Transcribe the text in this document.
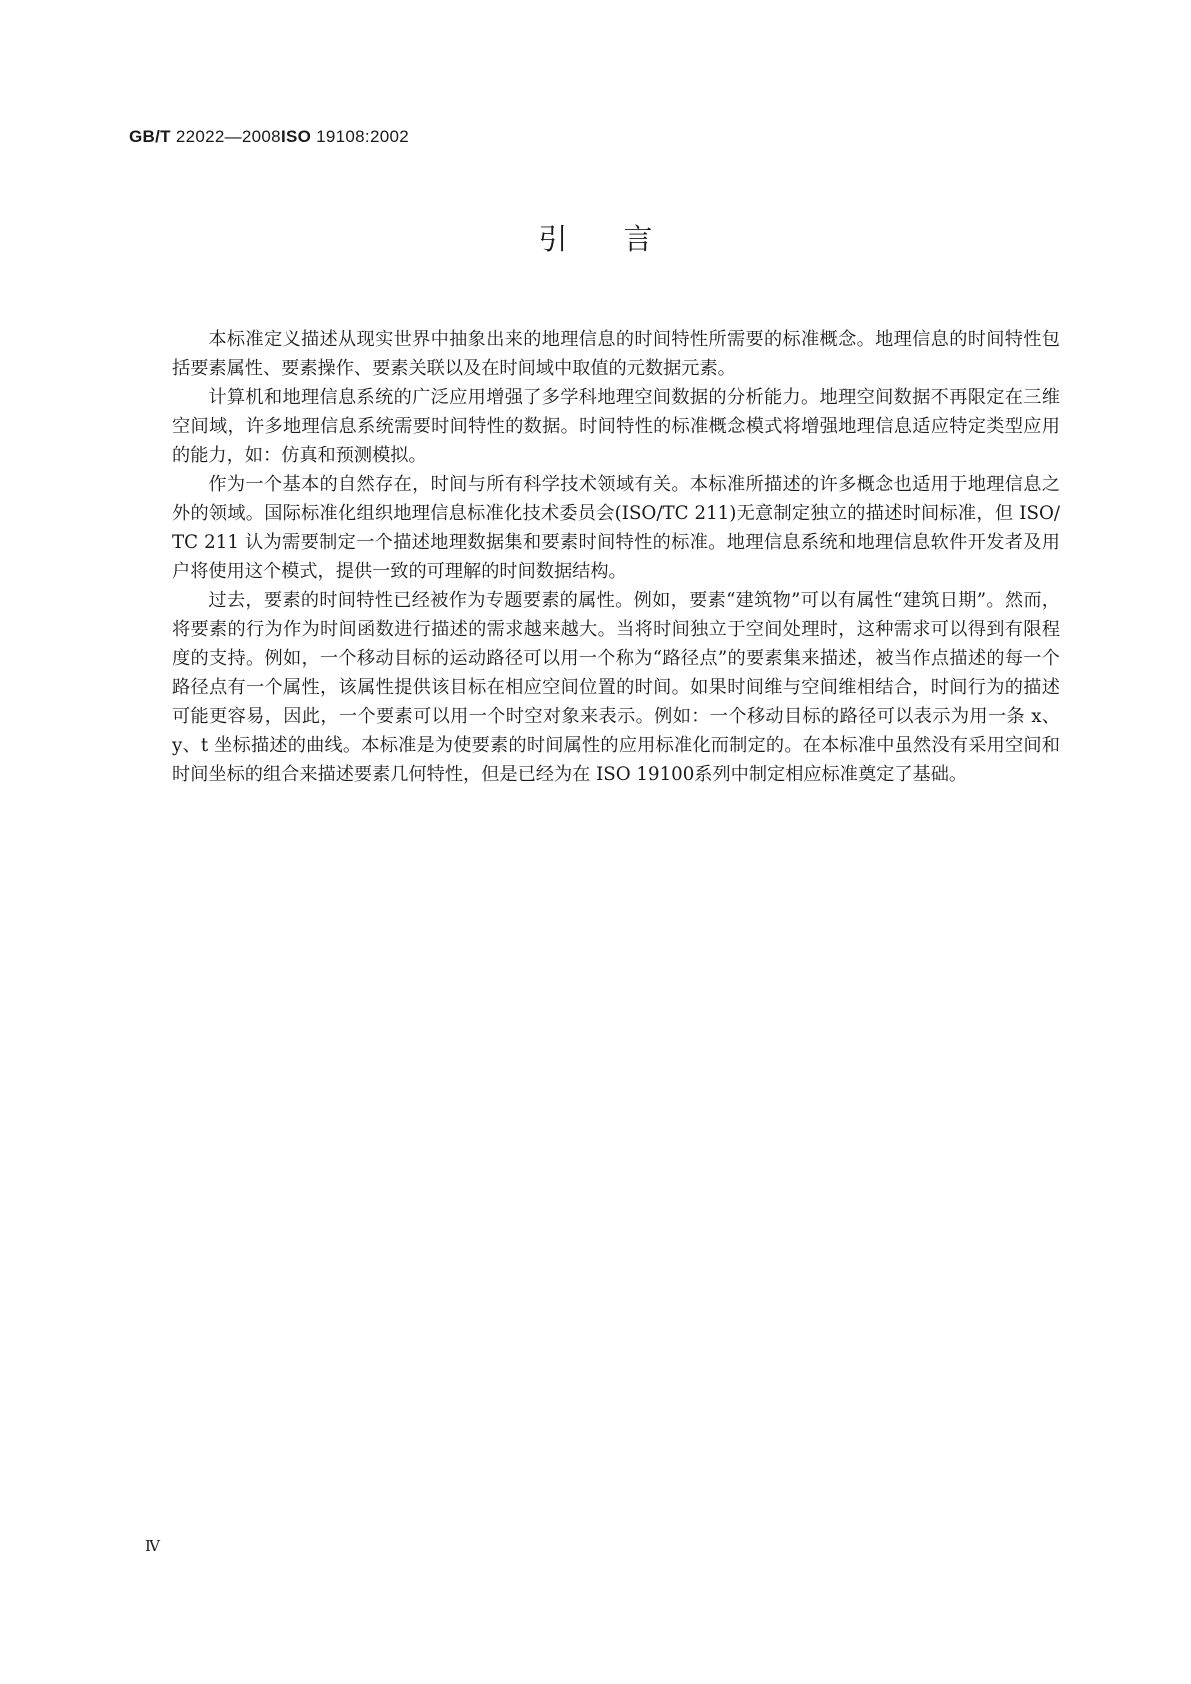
GB/T 22022—2008ISO 19108:2002
引言

本标准定义描述从现实世界中抽象出来的地理信息的时间特性所需要的标准概念。地理信息的时间特性包括要素属性、要素操作、要素关联以及在时间域中取值的元数据元素。

计算机和地理信息系统的广泛应用增强了多学科地理空间数据的分析能力。地理空间数据不再限定在三维空间域，许多地理信息系统需要时间特性的数据。时间特性的标准概念模式将增强地理信息适应特定类型应用的能力，如：仿真和预测模拟。

作为一个基本的自然存在，时间与所有科学技术领域有关。本标准所描述的许多概念也适用于地理信息之外的领域。国际标准化组织地理信息标准化技术委员会(ISO/TC 211)无意制定独立的描述时间标准，但 ISO/TC 211 认为需要制定一个描述地理数据集和要素时间特性的标准。地理信息系统和地理信息软件开发者及用户将使用这个模式，提供一致的可理解的时间数据结构。

过去，要素的时间特性已经被作为专题要素的属性。例如，要素“建筑物”可以有属性“建筑日期”。然而，将要素的行为作为时间函数进行描述的需求越来越大。当将时间独立于空间处理时，这种需求可以得到有限程度的支持。例如，一个移动目标的运动路径可以用一个称为“路径点”的要素集来描述，被当作点描述的每一个路径点有一个属性，该属性提供该目标在相应空间位置的时间。如果时间维与空间维相结合，时间行为的描述可能更容易，因此，一个要素可以用一个时空对象来表示。例如：一个移动目标的路径可以表示为用一条 x、y、t 坐标描述的曲线。本标准是为使要素的时间属性的应用标准化而制定的。在本标准中虽然没有采用空间和时间坐标的组合来描述要素几何特性，但是已经为在 ISO 19100系列中制定相应标准奠定了基础。

Ⅳ
